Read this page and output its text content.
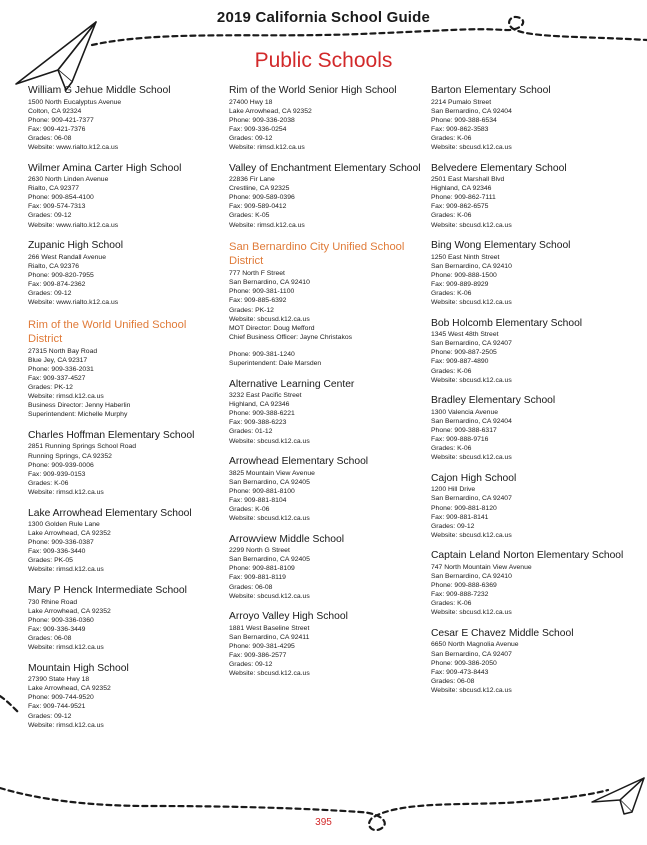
2019 California School Guide
Public Schools
William G Jehue Middle School
1500 North Eucalyptus Avenue
Colton, CA 92324
Phone: 909-421-7377
Fax: 909-421-7376
Grades: 06-08
Website: www.rialto.k12.ca.us
Wilmer Amina Carter High School
2630 North Linden Avenue
Rialto, CA 92377
Phone: 909-854-4100
Fax: 909-574-7313
Grades: 09-12
Website: www.rialto.k12.ca.us
Zupanic High School
266 West Randall Avenue
Rialto, CA 92376
Phone: 909-820-7955
Fax: 909-874-2362
Grades: 09-12
Website: www.rialto.k12.ca.us
Rim of the World Unified School District
27315 North Bay Road
Blue Jey, CA 92317
Phone: 909-336-2031
Fax: 909-337-4527
Grades: PK-12
Website: rimsd.k12.ca.us
Business Director: Jenny Haberlin
Superintendent: Michelle Murphy
Charles Hoffman Elementary School
2851 Running Springs School Road
Running Springs, CA 92352
Phone: 909-939-0006
Fax: 909-939-0153
Grades: K-06
Website: rimsd.k12.ca.us
Lake Arrowhead Elementary School
1300 Golden Rule Lane
Lake Arrowhead, CA 92352
Phone: 909-336-0387
Fax: 909-336-3440
Grades: PK-05
Website: rimsd.k12.ca.us
Mary P Henck Intermediate School
730 Rhine Road
Lake Arrowhead, CA 92352
Phone: 909-336-0360
Fax: 909-336-3449
Grades: 06-08
Website: rimsd.k12.ca.us
Mountain High School
27390 State Hwy 18
Lake Arrowhead, CA 92352
Phone: 909-744-9520
Fax: 909-744-9521
Grades: 09-12
Website: rimsd.k12.ca.us
Rim of the World Senior High School
27400 Hwy 18
Lake Arrowhead, CA 92352
Phone: 909-336-2038
Fax: 909-336-0254
Grades: 09-12
Website: rimsd.k12.ca.us
Valley of Enchantment Elementary School
22836 Fir Lane
Crestline, CA 92325
Phone: 909-589-0396
Fax: 909-589-0412
Grades: K-05
Website: rimsd.k12.ca.us
San Bernardino City Unified School District
777 North F Street
San Bernardino, CA 92410
Phone: 909-381-1100
Fax: 909-885-6392
Grades: PK-12
Website: sbcusd.k12.ca.us
MOT Director: Doug Mefford
Chief Business Officer: Jayne Christakos
Phone: 909-381-1240
Superintendent: Dale Marsden
Alternative Learning Center
3232 East Pacific Street
Highland, CA 92346
Phone: 909-388-6221
Fax: 909-388-6223
Grades: 01-12
Website: sbcusd.k12.ca.us
Arrowhead Elementary School
3825 Mountain View Avenue
San Bernardino, CA 92405
Phone: 909-881-8100
Fax: 909-881-8104
Grades: K-06
Website: sbcusd.k12.ca.us
Arrowview Middle School
2299 North G Street
San Bernardino, CA 92405
Phone: 909-881-8109
Fax: 909-881-8119
Grades: 06-08
Website: sbcusd.k12.ca.us
Arroyo Valley High School
1881 West Baseline Street
San Bernardino, CA 92411
Phone: 909-381-4295
Fax: 909-386-2577
Grades: 09-12
Website: sbcusd.k12.ca.us
Barton Elementary School
2214 Pumalo Street
San Bernardino, CA 92404
Phone: 909-388-6534
Fax: 909-862-3583
Grades: K-06
Website: sbcusd.k12.ca.us
Belvedere Elementary School
2501 East Marshall Blvd
Highland, CA 92346
Phone: 909-862-7111
Fax: 909-862-6575
Grades: K-06
Website: sbcusd.k12.ca.us
Bing Wong Elementary School
1250 East Ninth Street
San Bernardino, CA 92410
Phone: 909-888-1500
Fax: 909-889-8929
Grades: K-06
Website: sbcusd.k12.ca.us
Bob Holcomb Elementary School
1345 West 48th Street
San Bernardino, CA 92407
Phone: 909-887-2505
Fax: 909-887-4890
Grades: K-06
Website: sbcusd.k12.ca.us
Bradley Elementary School
1300 Valencia Avenue
San Bernardino, CA 92404
Phone: 909-388-6317
Fax: 909-888-9716
Grades: K-06
Website: sbcusd.k12.ca.us
Cajon High School
1200 Hill Drive
San Bernardino, CA 92407
Phone: 909-881-8120
Fax: 909-881-8141
Grades: 09-12
Website: sbcusd.k12.ca.us
Captain Leland Norton Elementary School
747 North Mountain View Avenue
San Bernardino, CA 92410
Phone: 909-888-6369
Fax: 909-888-7232
Grades: K-06
Website: sbcusd.k12.ca.us
Cesar E Chavez Middle School
6650 North Magnolia Avenue
San Bernardino, CA 92407
Phone: 909-386-2050
Fax: 909-473-8443
Grades: 06-08
Website: sbcusd.k12.ca.us
395
